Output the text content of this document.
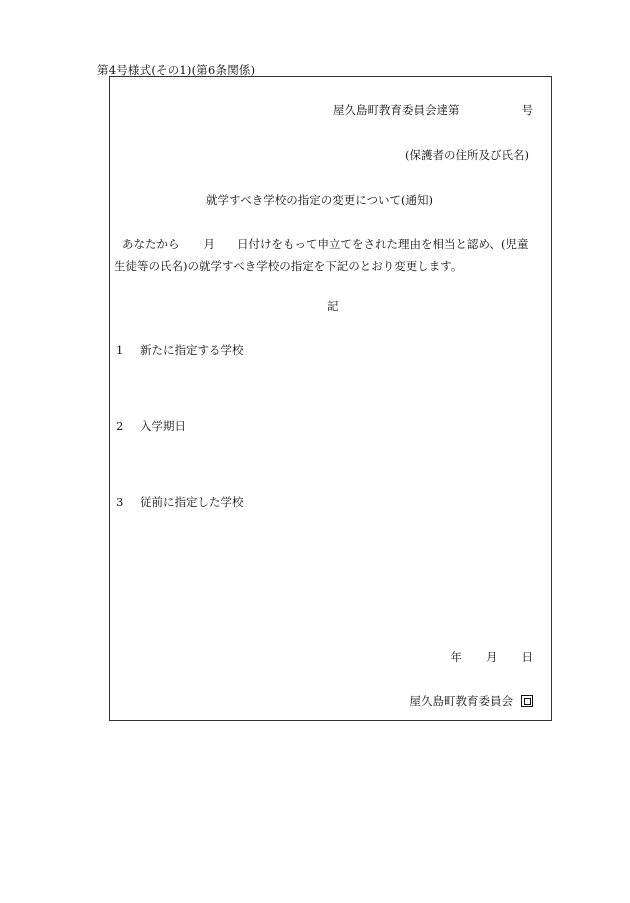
第4号様式(その1)(第6条関係)
屋久島町教育委員会達第	号
(保護者の住所及び氏名)
就学すべき学校の指定の変更について(通知)
あなたから 月 日付けをもって申立てをされた理由を相当と認め、(児童
生徒等の氏名)の就学すべき学校の指定を下記のとおり変更します。
記
1 新たに指定する学校
2 入学期日
3 従前に指定した学校
年 月 日
屋久島町教育委員会
